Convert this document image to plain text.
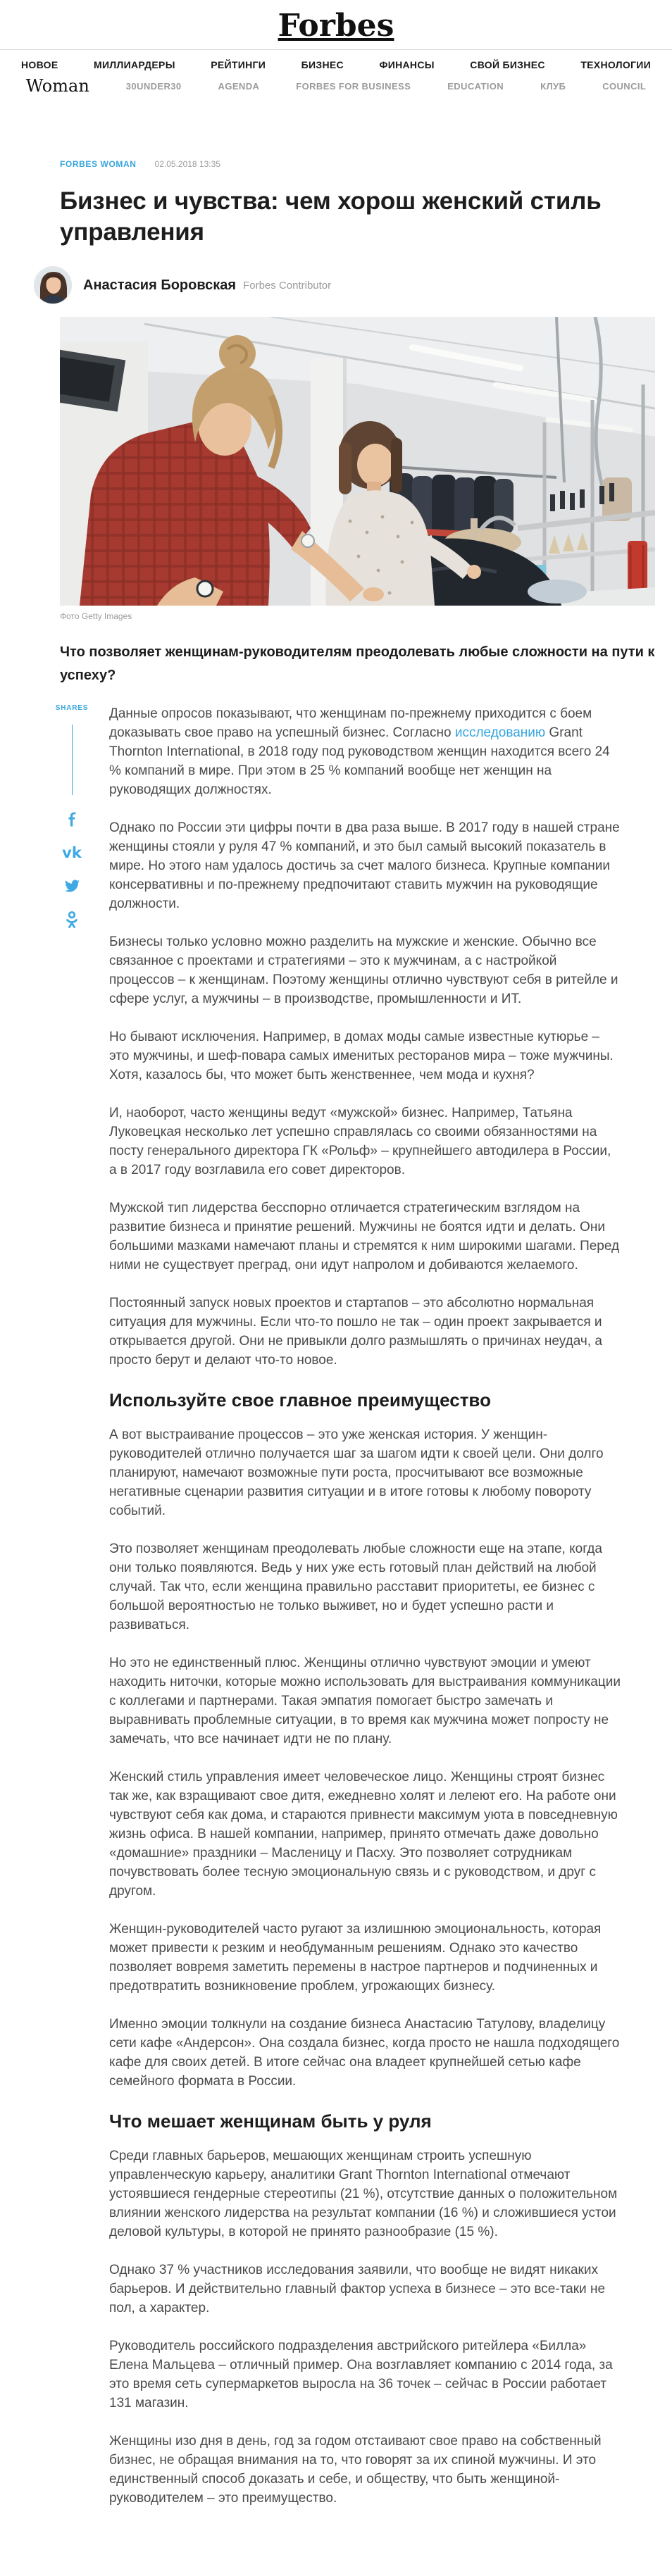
Forbes
НОВОЕ	МИЛЛИАРДЕРЫ	РЕЙТИНГИ	БИЗНЕС	ФИНАНСЫ	СВОЙ БИЗНЕС	ТЕХНОЛОГИИ
Woman	30UNDER30	AGENDA	FORBES FOR BUSINESS	EDUCATION	КЛУБ	COUNCIL
FORBES WOMAN 02.05.2018 13:35
Бизнес и чувства: чем хорош женский стиль управления
Анастасия Боровская Forbes Contributor
Фото Getty Images
Что позволяет женщинам-руководителям преодолевать любые сложности на пути к успеху?
SHARES
vk

Данные опросов показывают, что женщинам по-прежнему приходится с боем доказывать свое право на успешный бизнес. Согласно исследованию Grant Thornton International, в 2018 году под руководством женщин находится всего 24 % компаний в мире. При этом в 25 % компаний вообще нет женщин на руководящих должностях.

Однако по России эти цифры почти в два раза выше. В 2017 году в нашей стране женщины стояли у руля 47 % компаний, и это был самый высокий показатель в мире. Но этого нам удалось достичь за счет малого бизнеса. Крупные компании консервативны и по-прежнему предпочитают ставить мужчин на руководящие должности.

Бизнесы только условно можно разделить на мужские и женские. Обычно все связанное с проектами и стратегиями – это к мужчинам, а с настройкой процессов – к женщинам. Поэтому женщины отлично чувствуют себя в ритейле и сфере услуг, а мужчины – в производстве, промышленности и ИТ.

Но бывают исключения. Например, в домах моды самые известные кутюрье – это мужчины, и шеф-повара самых именитых ресторанов мира – тоже мужчины. Хотя, казалось бы, что может быть женственнее, чем мода и кухня?

И, наоборот, часто женщины ведут «мужской» бизнес. Например, Татьяна Луковецкая несколько лет успешно справлялась со своими обязанностями на посту генерального директора ГК «Рольф» – крупнейшего автодилера в России, а в 2017 году возглавила его совет директоров.

Мужской тип лидерства бесспорно отличается стратегическим взглядом на развитие бизнеса и принятие решений. Мужчины не боятся идти и делать. Они большими мазками намечают планы и стремятся к ним широкими шагами. Перед ними не существует преград, они идут напролом и добиваются желаемого.

Постоянный запуск новых проектов и стартапов – это абсолютно нормальная ситуация для мужчины. Если что-то пошло не так – один проект закрывается и открывается другой. Они не привыкли долго размышлять о причинах неудач, а просто берут и делают что-то новое.

Используйте свое главное преимущество

А вот выстраивание процессов – это уже женская история. У женщин-руководителей отлично получается шаг за шагом идти к своей цели. Они долго планируют, намечают возможные пути роста, просчитывают все возможные негативные сценарии развития ситуации и в итоге готовы к любому повороту событий.

Это позволяет женщинам преодолевать любые сложности еще на этапе, когда они только появляются. Ведь у них уже есть готовый план действий на любой случай. Так что, если женщина правильно расставит приоритеты, ее бизнес с большой вероятностью не только выживет, но и будет успешно расти и развиваться.

Но это не единственный плюс. Женщины отлично чувствуют эмоции и умеют находить ниточки, которые можно использовать для выстраивания коммуникации с коллегами и партнерами. Такая эмпатия помогает быстро замечать и выравнивать проблемные ситуации, в то время как мужчина может попросту не замечать, что все начинает идти не по плану.

Женский стиль управления имеет человеческое лицо. Женщины строят бизнес так же, как взращивают свое дитя, ежедневно холят и лелеют его. На работе они чувствуют себя как дома, и стараются привнести максимум уюта в повседневную жизнь офиса. В нашей компании, например, принято отмечать даже довольно «домашние» праздники – Масленицу и Пасху. Это позволяет сотрудникам почувствовать более тесную эмоциональную связь и с руководством, и друг с другом.

Женщин-руководителей часто ругают за излишнюю эмоциональность, которая может привести к резким и необдуманным решениям. Однако это качество позволяет вовремя заметить перемены в настрое партнеров и подчиненных и предотвратить возникновение проблем, угрожающих бизнесу.

Именно эмоции толкнули на создание бизнеса Анастасию Татулову, владелицу сети кафе «Андерсон». Она создала бизнес, когда просто не нашла подходящего кафе для своих детей. В итоге сейчас она владеет крупнейшей сетью кафе семейного формата в России.

Что мешает женщинам быть у руля

Среди главных барьеров, мешающих женщинам строить успешную управленческую карьеру, аналитики Grant Thornton International отмечают устоявшиеся гендерные стереотипы (21 %), отсутствие данных о положительном влиянии женского лидерства на результат компании (16 %) и сложившиеся устои деловой культуры, в которой не принято разнообразие (15 %).

Однако 37 % участников исследования заявили, что вообще не видят никаких барьеров. И действительно главный фактор успеха в бизнесе – это все-таки не пол, а характер.

Руководитель российского подразделения австрийского ритейлера «Билла» Елена Мальцева – отличный пример. Она возглавляет компанию с 2014 года, за это время сеть супермаркетов выросла на 36 точек – сейчас в России работает 131 магазин.

Женщины изо дня в день, год за годом отстаивают свое право на собственный бизнес, не обращая внимания на то, что говорят за их спиной мужчины. И это единственный способ доказать и себе, и обществу, что быть женщиной-руководителем – это преимущество.
